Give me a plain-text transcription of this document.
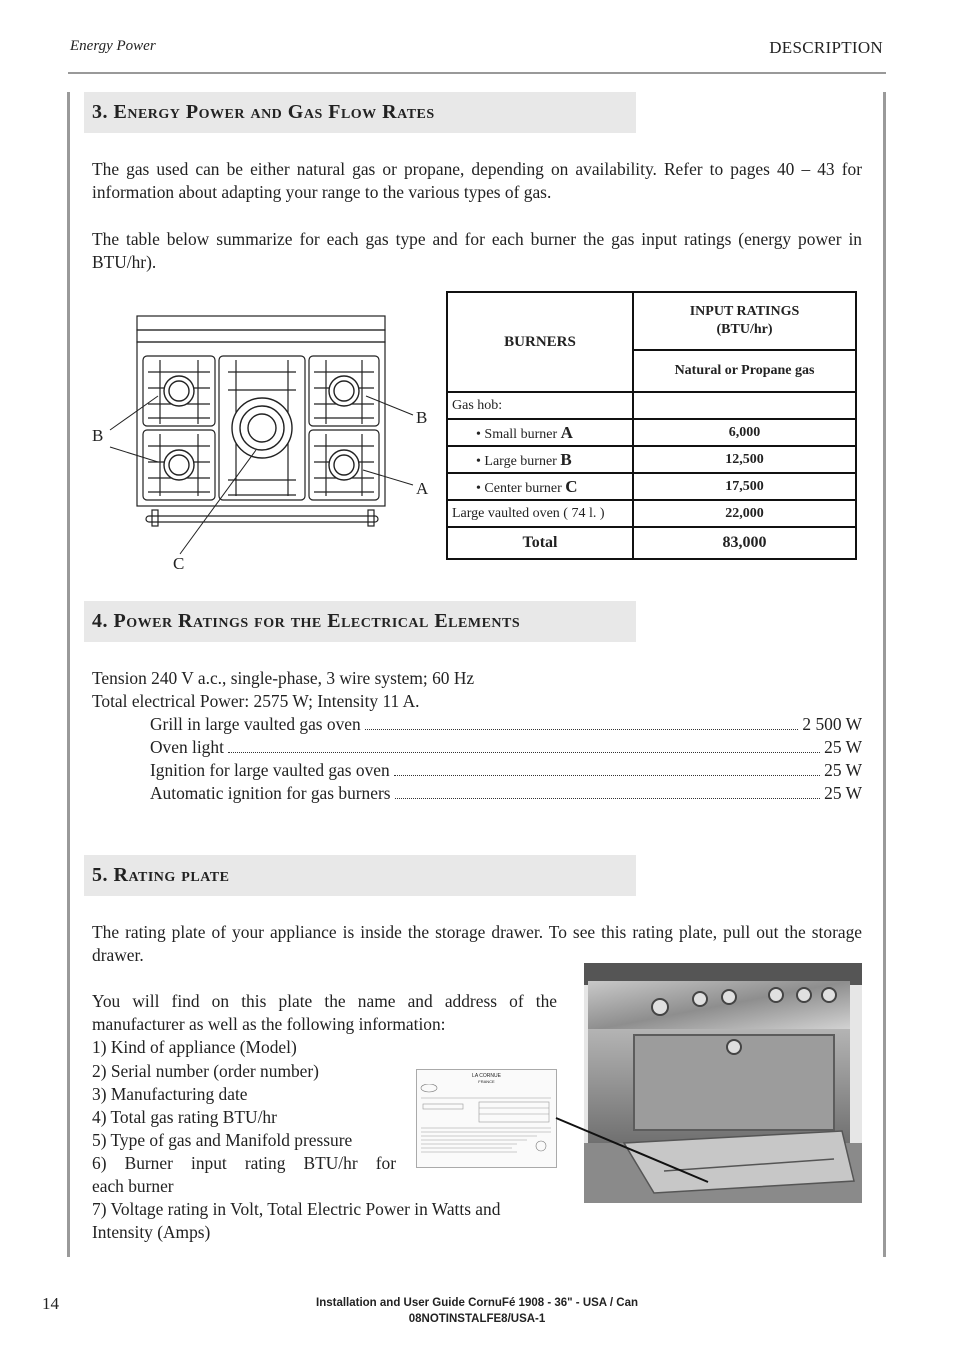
Energy Power	DESCRIPTION
3. Energy Power and Gas Flow Rates
The gas used can be either natural gas or propane, depending on availability. Refer to pages 40 – 43 for information about adapting your range to the various types of gas.
The table below summarize for each gas type and for each burner the gas input ratings (energy power in BTU/hr).
B
B
A
C
BURNERS	INPUT RATINGS
(BTU/hr)

	Natural or Propane gas
Gas hob:	
• Small burner A	6,000
• Large burner B	12,500
• Center burner C	17,500
Large vaulted oven ( 74 l. )	22,000
Total	83,000
4. Power Ratings for the Electrical Elements
Tension 240 V a.c., single-phase, 3 wire system; 60 Hz
Total electrical Power: 2575 W; Intensity 11 A.
Grill in large vaulted gas oven	2 500 W
Oven light	25 W
Ignition for large vaulted gas oven	25 W
Automatic ignition for gas burners	25 W
5. Rating plate
The rating plate of your appliance is inside the storage drawer. To see this rating plate, pull out the storage drawer.
You will find on this plate the name and address of the manufacturer as well as the following information:
1) Kind of appliance (Model)
2) Serial number (order number)
3) Manufacturing date
4) Total gas rating BTU/hr
5) Type of gas and Manifold pressure
6) Burner input rating BTU/hr for
each burner
7) Voltage rating in Volt, Total Electric Power in Watts and
Intensity (Amps)
LA CORNUE
FRANCE
14	Installation and User Guide CornuFé 1908 - 36" - USA / Can
08NOTINSTALFE8/USA-1
